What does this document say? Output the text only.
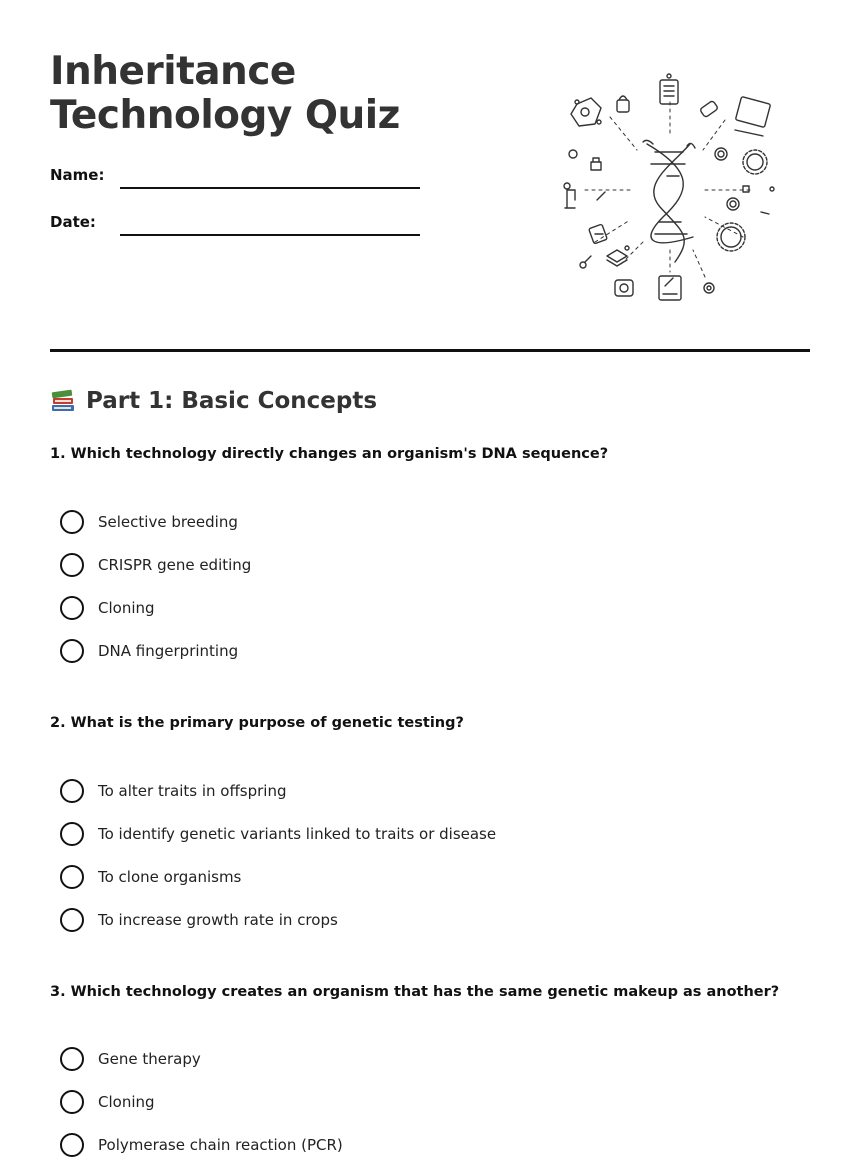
Inheritance Technology Quiz
Name:
Date:
Part 1: Basic Concepts

1. Which technology directly changes an organism's DNA sequence?

Selective breeding
CRISPR gene editing
Cloning
DNA fingerprinting

2. What is the primary purpose of genetic testing?

To alter traits in offspring
To identify genetic variants linked to traits or disease
To clone organisms
To increase growth rate in crops

3. Which technology creates an organism that has the same genetic makeup as another?

Gene therapy
Cloning
Polymerase chain reaction (PCR)
